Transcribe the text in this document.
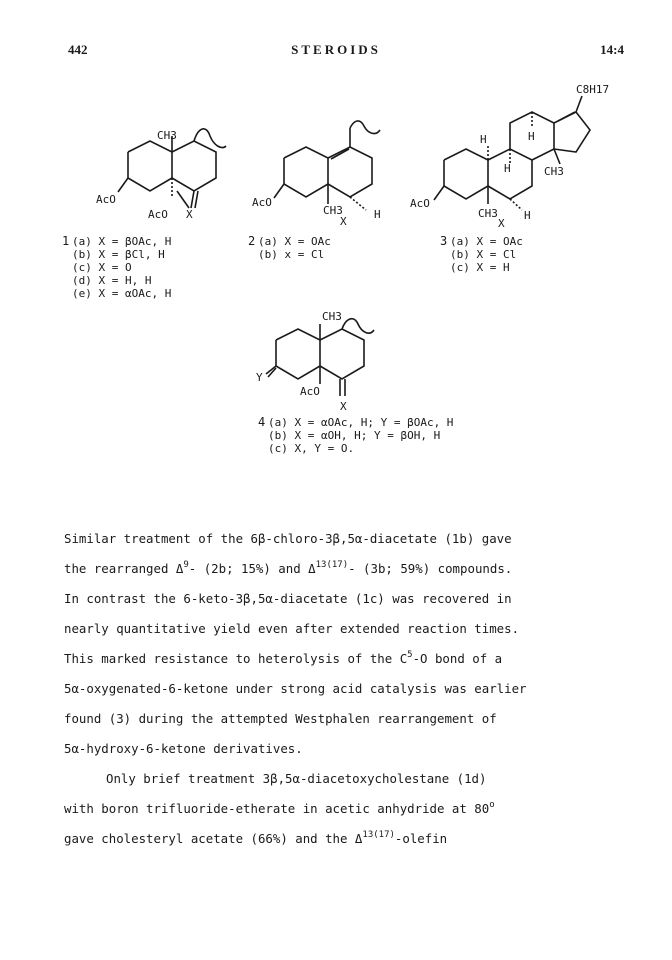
442	STEROIDS	14:4
CH3
AcO
AcO X
1 (a) X = βOAc, H
(b) X = βCl, H
(c) X = O
(d) X = H, H
(e) X = αOAc, H
AcO
CH3
X
H
2 (a) X = OAc
(b) x = Cl
C8H17
H	H
H	CH3
AcO
CH3
X
H
3 (a) X = OAc
(b) X = Cl
(c) X = H
CH3
Y
AcO
X
4 (a) X = αOAc, H; Y = βOAc, H
(b) X = αOH, H; Y = βOH, H
(c) X, Y = O.

Similar treatment of the 6β-chloro-3β,5α-diacetate (1b) gave
the rearranged $\Delta^9-$ (2b; 15%) and $\Delta^{13(17)}-$ (3b; 59%) compounds.
In contrast the 6-keto-3β,5α-diacetate (1c) was recovered in
nearly quantitative yield even after extended reaction times.
This marked resistance to heterolysis of the $C^5-O$ bond of a
5α-oxygenated-6-ketone under strong acid catalysis was earlier
found (3) during the attempted Westphalen rearrangement of
5α-hydroxy-6-ketone derivatives.

Only brief treatment 3β,5α-diacetoxycholestane (1d)
with boron trifluoride-etherate in acetic anhydride at 80$^o$
gave cholesteryl acetate (66%) and the $\Delta^{13(17)}$-olefin
